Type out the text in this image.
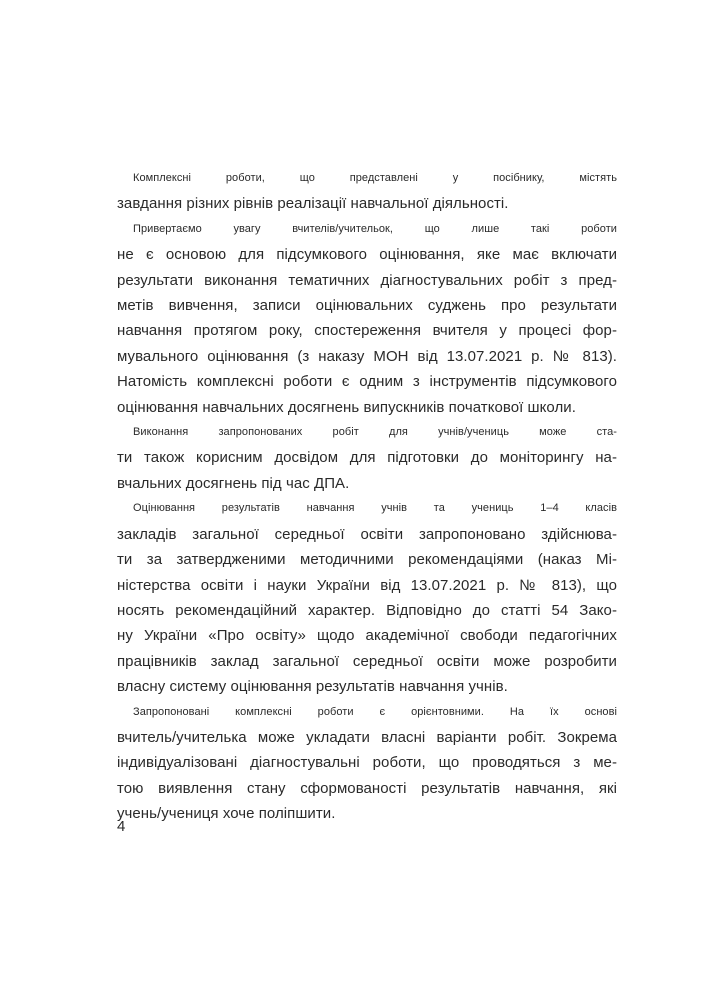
Комплексні роботи, що представлені у посібнику, містять
завдання різних рівнів реалізації навчальної діяльності.

Привертаємо увагу вчителів/учительок, що лише такі роботи
не є основою для підсумкового оцінювання, яке має включати
результати виконання тематичних діагностувальних робіт з пред-
метів вивчення, записи оцінювальних суджень про результати
навчання протягом року, спостереження вчителя у процесі фор-
мувального оцінювання (з наказу МОН від 13.07.2021 р. № 813).
Натомість комплексні роботи є одним з інструментів підсумкового
оцінювання навчальних досягнень випускників початкової школи.

Виконання запропонованих робіт для учнів/учениць може ста-
ти також корисним досвідом для підготовки до моніторингу на-
вчальних досягнень під час ДПА.

Оцінювання результатів навчання учнів та учениць 1–4 класів
закладів загальної середньої освіти запропоновано здійснюва-
ти за затвердженими методичними рекомендаціями (наказ Мі-
ністерства освіти і науки України від 13.07.2021 р. № 813), що
носять рекомендаційний характер. Відповідно до статті 54 Зако-
ну України «Про освіту» щодо академічної свободи педагогічних
працівників заклад загальної середньої освіти може розробити
власну систему оцінювання результатів навчання учнів.

Запропоновані комплексні роботи є орієнтовними. На їх основі
вчитель/учителька може укладати власні варіанти робіт. Зокрема
індивідуалізовані діагностувальні роботи, що проводяться з ме-
тою виявлення стану сформованості результатів навчання, які
учень/учениця хоче поліпшити.

4
